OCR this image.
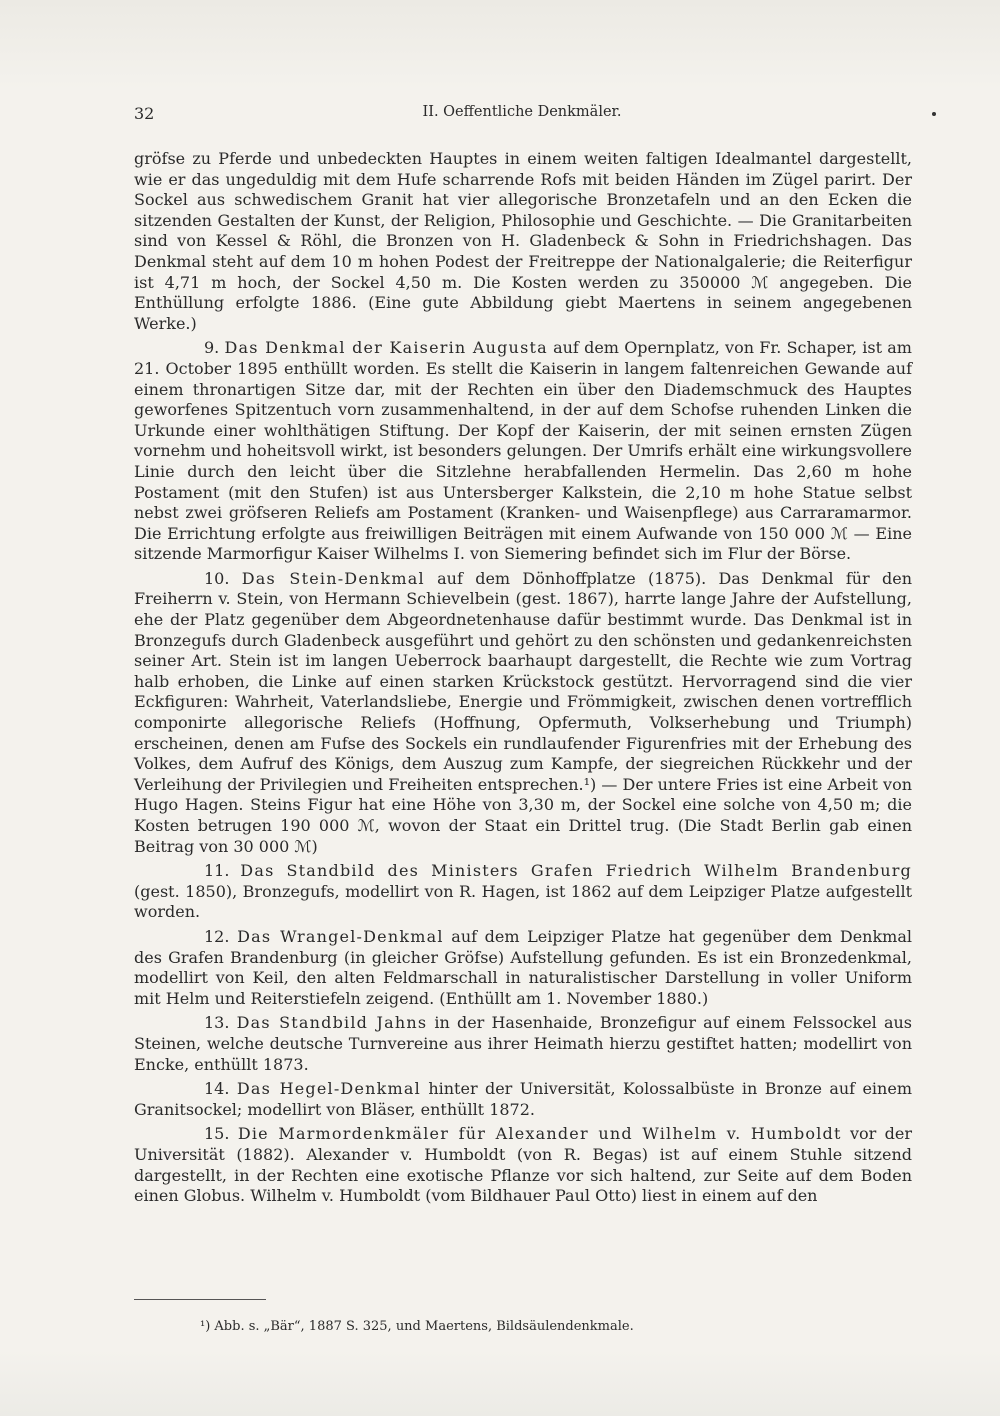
32	II. Oeffentliche Denkmäler.

gröfse zu Pferde und unbedeckten Hauptes in einem weiten faltigen Idealmantel dargestellt, wie er das ungeduldig mit dem Hufe scharrende Rofs mit beiden Händen im Zügel parirt. Der Sockel aus schwedischem Granit hat vier allegorische Bronzetafeln und an den Ecken die sitzenden Gestalten der Kunst, der Religion, Philosophie und Geschichte. — Die Granitarbeiten sind von Kessel & Röhl, die Bronzen von H. Gladenbeck & Sohn in Friedrichshagen. Das Denkmal steht auf dem 10 m hohen Podest der Freitreppe der Nationalgalerie; die Reiterfigur ist 4,71 m hoch, der Sockel 4,50 m. Die Kosten werden zu 350000 ℳ angegeben. Die Enthüllung erfolgte 1886. (Eine gute Abbildung giebt Maertens in seinem angegebenen Werke.)

9. Das Denkmal der Kaiserin Augusta auf dem Opernplatz, von Fr. Schaper, ist am 21. October 1895 enthüllt worden. Es stellt die Kaiserin in langem faltenreichen Gewande auf einem thronartigen Sitze dar, mit der Rechten ein über den Diademschmuck des Hauptes geworfenes Spitzentuch vorn zusammenhaltend, in der auf dem Schofse ruhenden Linken die Urkunde einer wohlthätigen Stiftung. Der Kopf der Kaiserin, der mit seinen ernsten Zügen vornehm und hoheitsvoll wirkt, ist besonders gelungen. Der Umrifs erhält eine wirkungsvollere Linie durch den leicht über die Sitzlehne herabfallenden Hermelin. Das 2,60 m hohe Postament (mit den Stufen) ist aus Untersberger Kalkstein, die 2,10 m hohe Statue selbst nebst zwei gröfseren Reliefs am Postament (Kranken- und Waisenpflege) aus Carraramarmor. Die Errichtung erfolgte aus freiwilligen Beiträgen mit einem Aufwande von 150 000 ℳ — Eine sitzende Marmorfigur Kaiser Wilhelms I. von Siemering befindet sich im Flur der Börse.

10. Das Stein-Denkmal auf dem Dönhoffplatze (1875). Das Denkmal für den Freiherrn v. Stein, von Hermann Schievelbein (gest. 1867), harrte lange Jahre der Aufstellung, ehe der Platz gegenüber dem Abgeordnetenhause dafür bestimmt wurde. Das Denkmal ist in Bronzegufs durch Gladenbeck ausgeführt und gehört zu den schönsten und gedankenreichsten seiner Art. Stein ist im langen Ueberrock baarhaupt dargestellt, die Rechte wie zum Vortrag halb erhoben, die Linke auf einen starken Krückstock gestützt. Hervorragend sind die vier Eckfiguren: Wahrheit, Vaterlandsliebe, Energie und Frömmigkeit, zwischen denen vortrefflich componirte allegorische Reliefs (Hoffnung, Opfermuth, Volkserhebung und Triumph) erscheinen, denen am Fufse des Sockels ein rundlaufender Figurenfries mit der Erhebung des Volkes, dem Aufruf des Königs, dem Auszug zum Kampfe, der siegreichen Rückkehr und der Verleihung der Privilegien und Freiheiten entsprechen.¹) — Der untere Fries ist eine Arbeit von Hugo Hagen. Steins Figur hat eine Höhe von 3,30 m, der Sockel eine solche von 4,50 m; die Kosten betrugen 190 000 ℳ, wovon der Staat ein Drittel trug. (Die Stadt Berlin gab einen Beitrag von 30 000 ℳ)

11. Das Standbild des Ministers Grafen Friedrich Wilhelm Brandenburg (gest. 1850), Bronzegufs, modellirt von R. Hagen, ist 1862 auf dem Leipziger Platze aufgestellt worden.

12. Das Wrangel-Denkmal auf dem Leipziger Platze hat gegenüber dem Denkmal des Grafen Brandenburg (in gleicher Gröfse) Aufstellung gefunden. Es ist ein Bronzedenkmal, modellirt von Keil, den alten Feldmarschall in naturalistischer Darstellung in voller Uniform mit Helm und Reiterstiefeln zeigend. (Enthüllt am 1. November 1880.)

13. Das Standbild Jahns in der Hasenhaide, Bronzefigur auf einem Felssockel aus Steinen, welche deutsche Turnvereine aus ihrer Heimath hierzu gestiftet hatten; modellirt von Encke, enthüllt 1873.

14. Das Hegel-Denkmal hinter der Universität, Kolossalbüste in Bronze auf einem Granitsockel; modellirt von Bläser, enthüllt 1872.

15. Die Marmordenkmäler für Alexander und Wilhelm v. Humboldt vor der Universität (1882). Alexander v. Humboldt (von R. Begas) ist auf einem Stuhle sitzend dargestellt, in der Rechten eine exotische Pflanze vor sich haltend, zur Seite auf dem Boden einen Globus. Wilhelm v. Humboldt (vom Bildhauer Paul Otto) liest in einem auf den

¹) Abb. s. „Bär“, 1887 S. 325, und Maertens, Bildsäulendenkmale.
